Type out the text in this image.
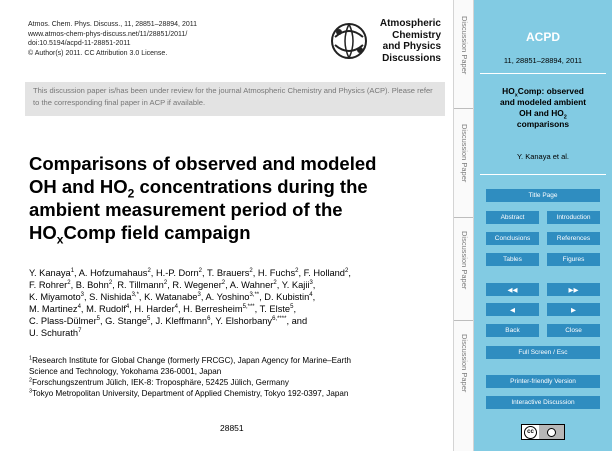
Atmos. Chem. Phys. Discuss., 11, 28851–28894, 2011
www.atmos-chem-phys-discuss.net/11/28851/2011/
doi:10.5194/acpd-11-28851-2011
© Author(s) 2011. CC Attribution 3.0 License.
Atmospheric
Chemistry
and Physics
Discussions
This discussion paper is/has been under review for the journal Atmospheric Chemistry and Physics (ACP). Please refer to the corresponding final paper in ACP if available.
Comparisons of observed and modeled
OH and $HO_2$ concentrations during the
ambient measurement period of the
$HO_xComp$ field campaign
Y. Kanaya$^1$, A. Hofzumahaus$^2$, H.-P. Dorn$^2$, T. Brauers$^2$, H. Fuchs$^2$, F. Holland$^2$,
F. Rohrer$^2$, B. Bohn$^2$, R. Tillmann$^2$, R. Wegener$^2$, A. Wahner$^2$, Y. Kajii$^3$,
K. Miyamoto$^3$, S. Nishida$^{3,*}$, K. Watanabe$^3$, A. Yoshino$^{3,**}$, D. Kubistin$^4$,
M. Martinez$^4$, M. Rudolf$^4$, H. Harder$^4$, H. Berresheim$^{5,***}$, T. Elste$^5$,
C. Plass-Dülmer$^5$, G. Stange$^5$, J. Kleffmann$^6$, Y. Elshorbany$^{6,****}$, and
U. Schurath$^7$
$^1$Research Institute for Global Change (formerly FRCGC), Japan Agency for Marine–Earth
Science and Technology, Yokohama 236-0001, Japan
$^2$Forschungszentrum Jülich, IEK-8: Troposphäre, 52425 Jülich, Germany
$^3$Tokyo Metropolitan University, Department of Applied Chemistry, Tokyo 192-0397, Japan
28851
Discussion Paper
Discussion Paper
Discussion Paper
Discussion Paper
ACPD
11, 28851–28894, 2011
$HO_xComp$: observed
and modeled ambient
OH and $HO_2$
comparisons
Y. Kanaya et al.
Title Page
Abstract	Introduction
Conclusions	References
Tables	Figures
◀◀	▶▶
◀	▶
Back	Close
Full Screen / Esc
Printer-friendly Version
Interactive Discussion
cc
